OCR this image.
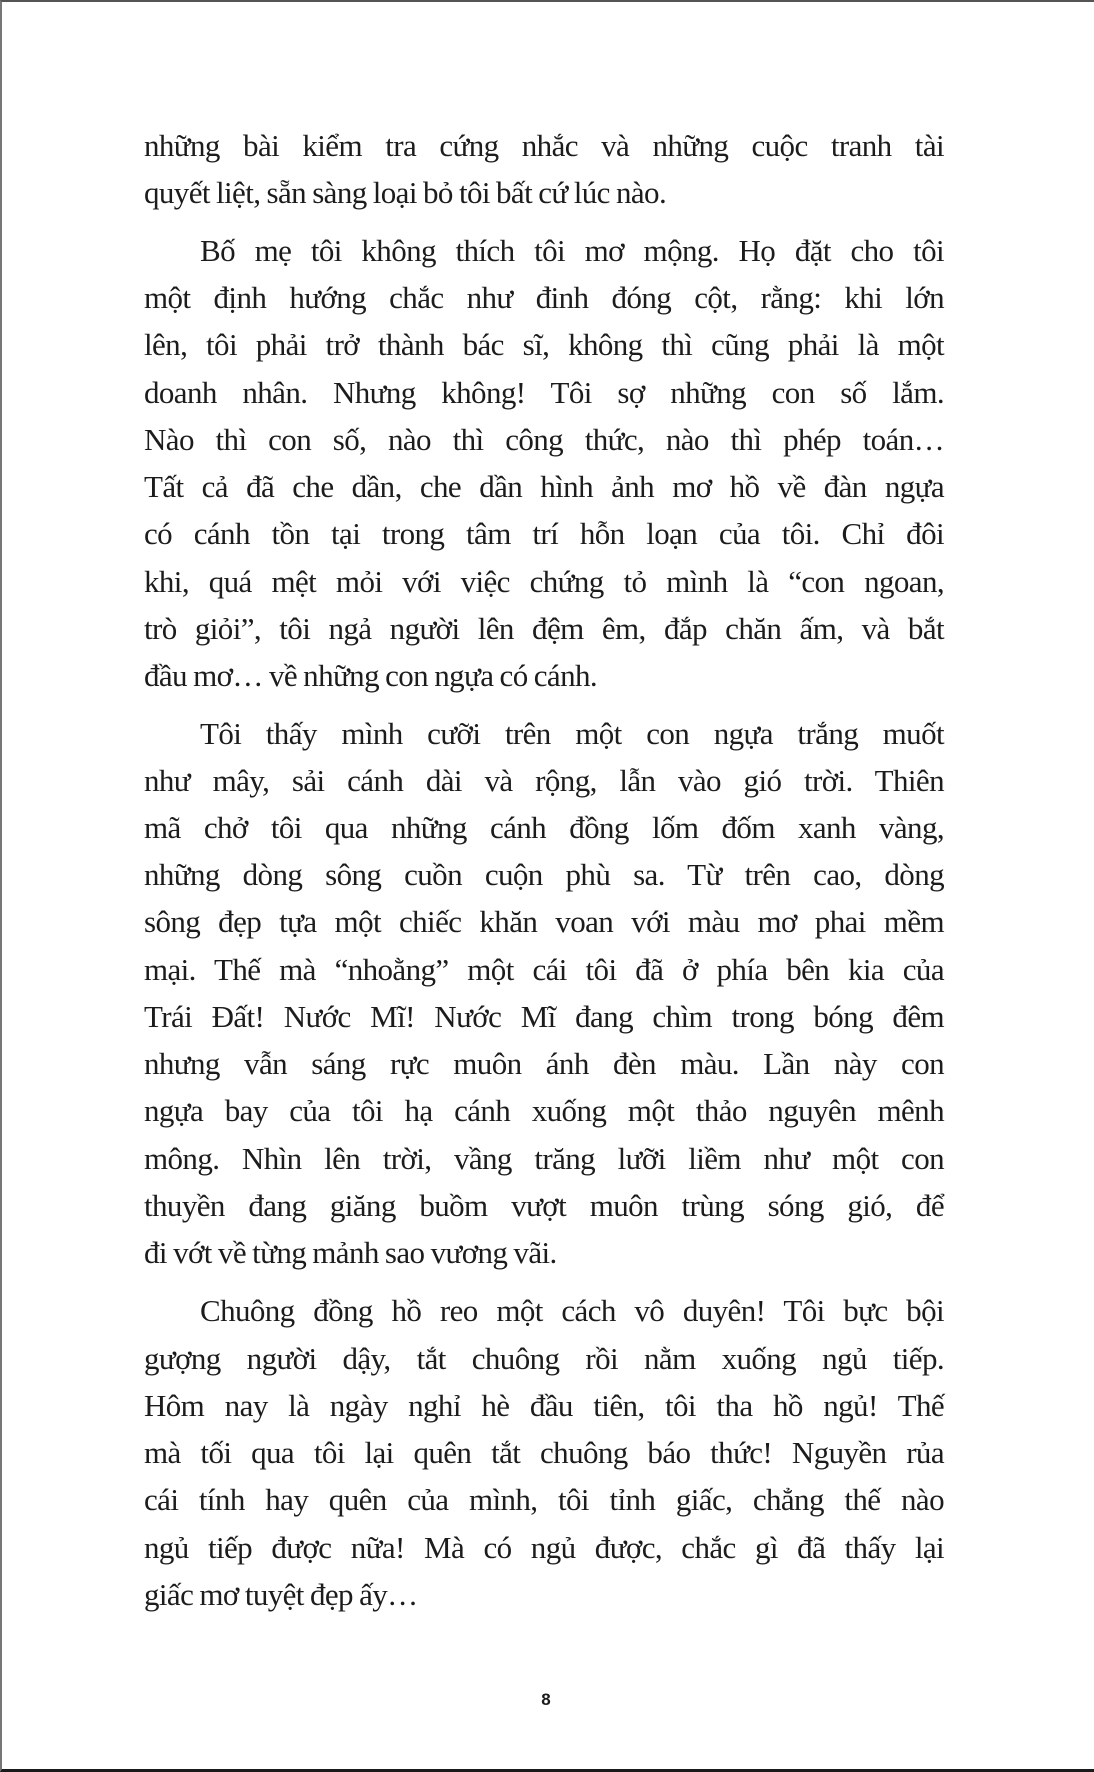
những bài kiểm tra cứng nhắc và những cuộc tranh tài
quyết liệt, sẵn sàng loại bỏ tôi bất cứ lúc nào.
Bố mẹ tôi không thích tôi mơ mộng. Họ đặt cho tôi
một định hướng chắc như đinh đóng cột, rằng: khi lớn
lên, tôi phải trở thành bác sĩ, không thì cũng phải là một
doanh nhân. Nhưng không! Tôi sợ những con số lắm.
Nào thì con số, nào thì công thức, nào thì phép toán…
Tất cả đã che dần, che dần hình ảnh mơ hồ về đàn ngựa
có cánh tồn tại trong tâm trí hỗn loạn của tôi. Chỉ đôi
khi, quá mệt mỏi với việc chứng tỏ mình là “con ngoan,
trò giỏi”, tôi ngả người lên đệm êm, đắp chăn ấm, và bắt
đầu mơ… về những con ngựa có cánh.
Tôi thấy mình cưỡi trên một con ngựa trắng muốt
như mây, sải cánh dài và rộng, lẫn vào gió trời. Thiên
mã chở tôi qua những cánh đồng lốm đốm xanh vàng,
những dòng sông cuồn cuộn phù sa. Từ trên cao, dòng
sông đẹp tựa một chiếc khăn voan với màu mơ phai mềm
mại. Thế mà “nhoằng” một cái tôi đã ở phía bên kia của
Trái Đất! Nước Mĩ! Nước Mĩ đang chìm trong bóng đêm
nhưng vẫn sáng rực muôn ánh đèn màu. Lần này con
ngựa bay của tôi hạ cánh xuống một thảo nguyên mênh
mông. Nhìn lên trời, vầng trăng lưỡi liềm như một con
thuyền đang giăng buồm vượt muôn trùng sóng gió, để
đi vớt về từng mảnh sao vương vãi.
Chuông đồng hồ reo một cách vô duyên! Tôi bực bội
gượng người dậy, tắt chuông rồi nằm xuống ngủ tiếp.
Hôm nay là ngày nghỉ hè đầu tiên, tôi tha hồ ngủ! Thế
mà tối qua tôi lại quên tắt chuông báo thức! Nguyền rủa
cái tính hay quên của mình, tôi tỉnh giấc, chẳng thế nào
ngủ tiếp được nữa! Mà có ngủ được, chắc gì đã thấy lại
giấc mơ tuyệt đẹp ấy…
8
